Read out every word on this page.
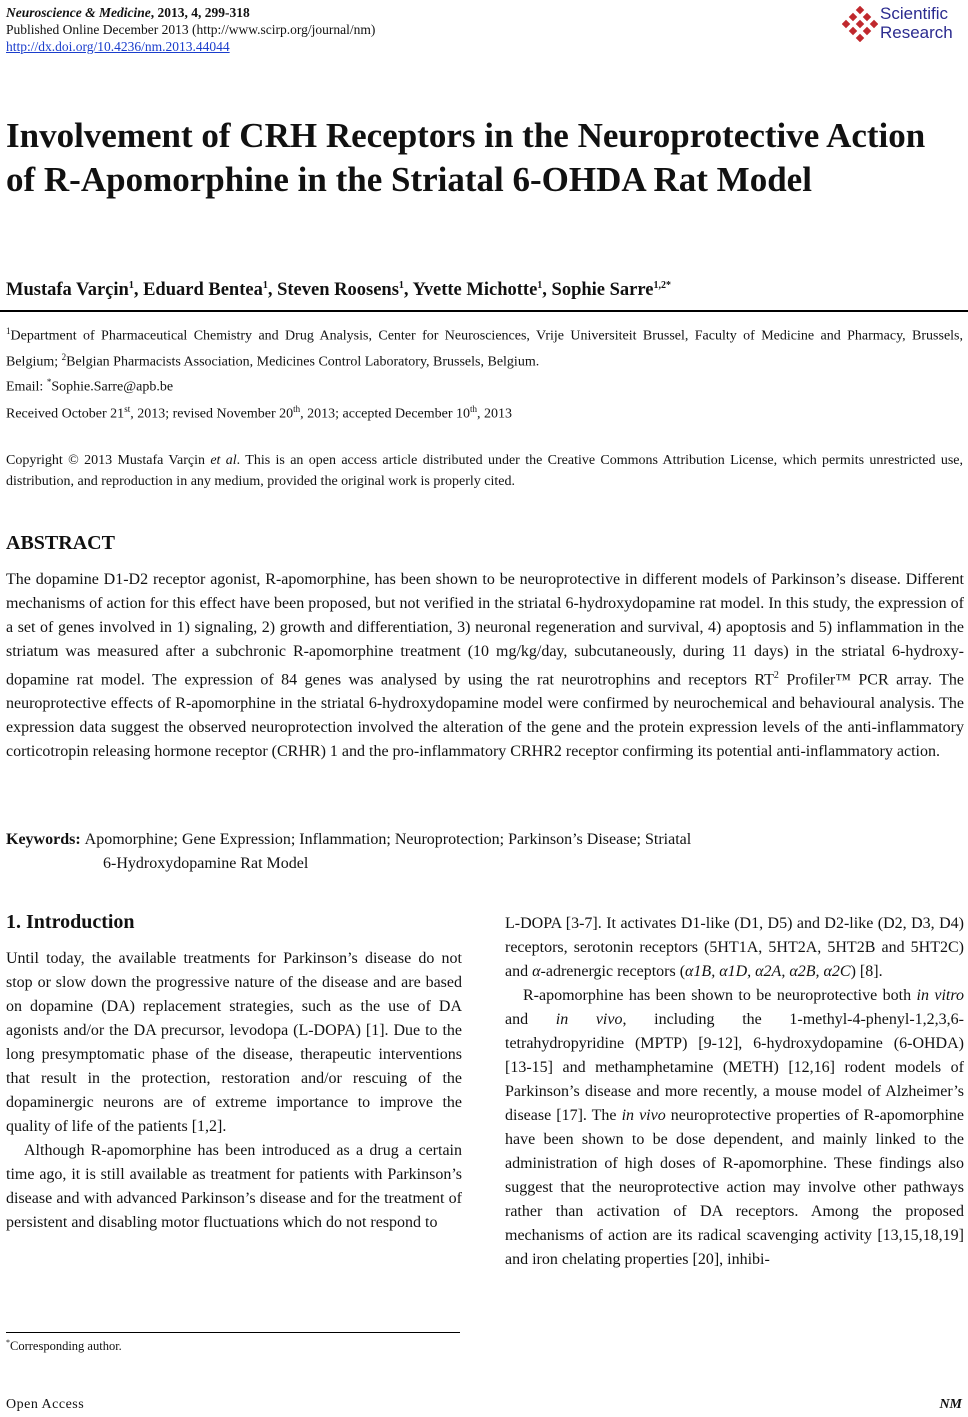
Neuroscience & Medicine, 2013, 4, 299-318
Published Online December 2013 (http://www.scirp.org/journal/nm)
http://dx.doi.org/10.4236/nm.2013.44044
Scientific
Research
Involvement of CRH Receptors in the Neuroprotective Action of R-Apomorphine in the Striatal 6-OHDA Rat Model
Mustafa Varçin$^1$, Eduard Bentea$^1$, Steven Roosens$^1$, Yvette Michotte$^1$, Sophie Sarre$^{1,2*}$
$^1$Department of Pharmaceutical Chemistry and Drug Analysis, Center for Neurosciences, Vrije Universiteit Brussel, Faculty of Medicine and Pharmacy, Brussels, Belgium; $^2$Belgian Pharmacists Association, Medicines Control Laboratory, Brussels, Belgium.
Email: *Sophie.Sarre@apb.be
Received October 21st, 2013; revised November 20th, 2013; accepted December 10th, 2013
Copyright © 2013 Mustafa Varçin et al. This is an open access article distributed under the Creative Commons Attribution License, which permits unrestricted use, distribution, and reproduction in any medium, provided the original work is properly cited.
ABSTRACT
The dopamine D1-D2 receptor agonist, R-apomorphine, has been shown to be neuroprotective in different models of Parkinson’s disease. Different mechanisms of action for this effect have been proposed, but not verified in the striatal 6-hydroxydopamine rat model. In this study, the expression of a set of genes involved in 1) signaling, 2) growth and differentiation, 3) neuronal regeneration and survival, 4) apoptosis and 5) inflammation in the striatum was measured after a subchronic R-apomorphine treatment (10 mg/kg/day, subcutaneously, during 11 days) in the striatal 6-hydroxy-dopamine rat model. The expression of 84 genes was analysed by using the rat neurotrophins and receptors $RT^2$ Profiler™ PCR array. The neuroprotective effects of R-apomorphine in the striatal 6-hydroxydopamine model were confirmed by neurochemical and behavioural analysis. The expression data suggest the observed neuroprotection involved the alteration of the gene and the protein expression levels of the anti-inflammatory corticotropin releasing hormone receptor (CRHR) 1 and the pro-inflammatory CRHR2 receptor confirming its potential anti-inflammatory action.
Keywords: Apomorphine; Gene Expression; Inflammation; Neuroprotection; Parkinson’s Disease; Striatal
6-Hydroxydopamine Rat Model
1. Introduction

Until today, the available treatments for Parkinson’s disease do not stop or slow down the progressive nature of the disease and are based on dopamine (DA) replacement strategies, such as the use of DA agonists and/or the DA precursor, levodopa (L-DOPA) [1]. Due to the long presymptomatic phase of the disease, therapeutic interventions that result in the protection, restoration and/or rescuing of the dopaminergic neurons are of extreme importance to improve the quality of life of the patients [1,2].

Although R-apomorphine has been introduced as a drug a certain time ago, it is still available as treatment for patients with Parkinson’s disease and with advanced Parkinson’s disease and for the treatment of persistent and disabling motor fluctuations which do not respond to

L-DOPA [3-7]. It activates D1-like (D1, D5) and D2-like (D2, D3, D4) receptors, serotonin receptors (5HT1A, 5HT2A, 5HT2B and 5HT2C) and α-adrenergic receptors (α1B, α1D, α2A, α2B, α2C) [8].

R-apomorphine has been shown to be neuroprotective both in vitro and in vivo, including the 1-methyl-4-phenyl-1,2,3,6-tetrahydropyridine (MPTP) [9-12], 6-hydroxydopamine (6-OHDA) [13-15] and methamphetamine (METH) [12,16] rodent models of Parkinson’s disease and more recently, a mouse model of Alzheimer’s disease [17]. The in vivo neuroprotective properties of R-apomorphine have been shown to be dose dependent, and mainly linked to the administration of high doses of R-apomorphine. These findings also suggest that the neuroprotective action may involve other pathways rather than activation of DA receptors. Among the proposed mechanisms of action are its radical scavenging activity [13,15,18,19] and iron chelating properties [20], inhibi-

*Corresponding author.
Open Access	NM
